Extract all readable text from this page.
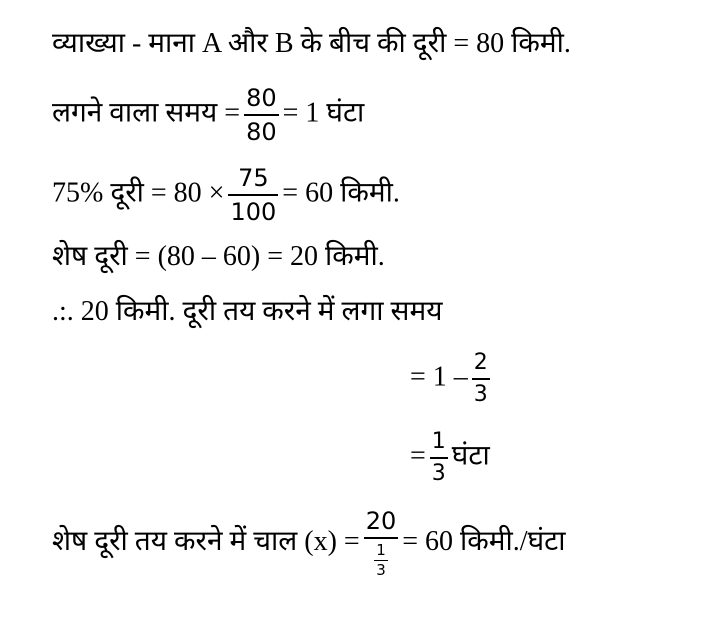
व्याख्या - माना A और B के बीच की दूरी = 80 किमी.
लगने वाला समय = $\frac{80}{80} = 1$ घंटा
75% दूरी = $80 \times \frac{75}{100} = 60$ किमी.
शेष दूरी = (80 – 60) = 20 किमी.
.:. 20 किमी. दूरी तय करने में लगा समय
= $1 - \frac{2}{3}$
= $\frac{1}{3}$ घंटा
शेष दूरी तय करने में चाल $(x) = \frac{20}{\frac{1}{3}} = 60$ किमी./घंटा
